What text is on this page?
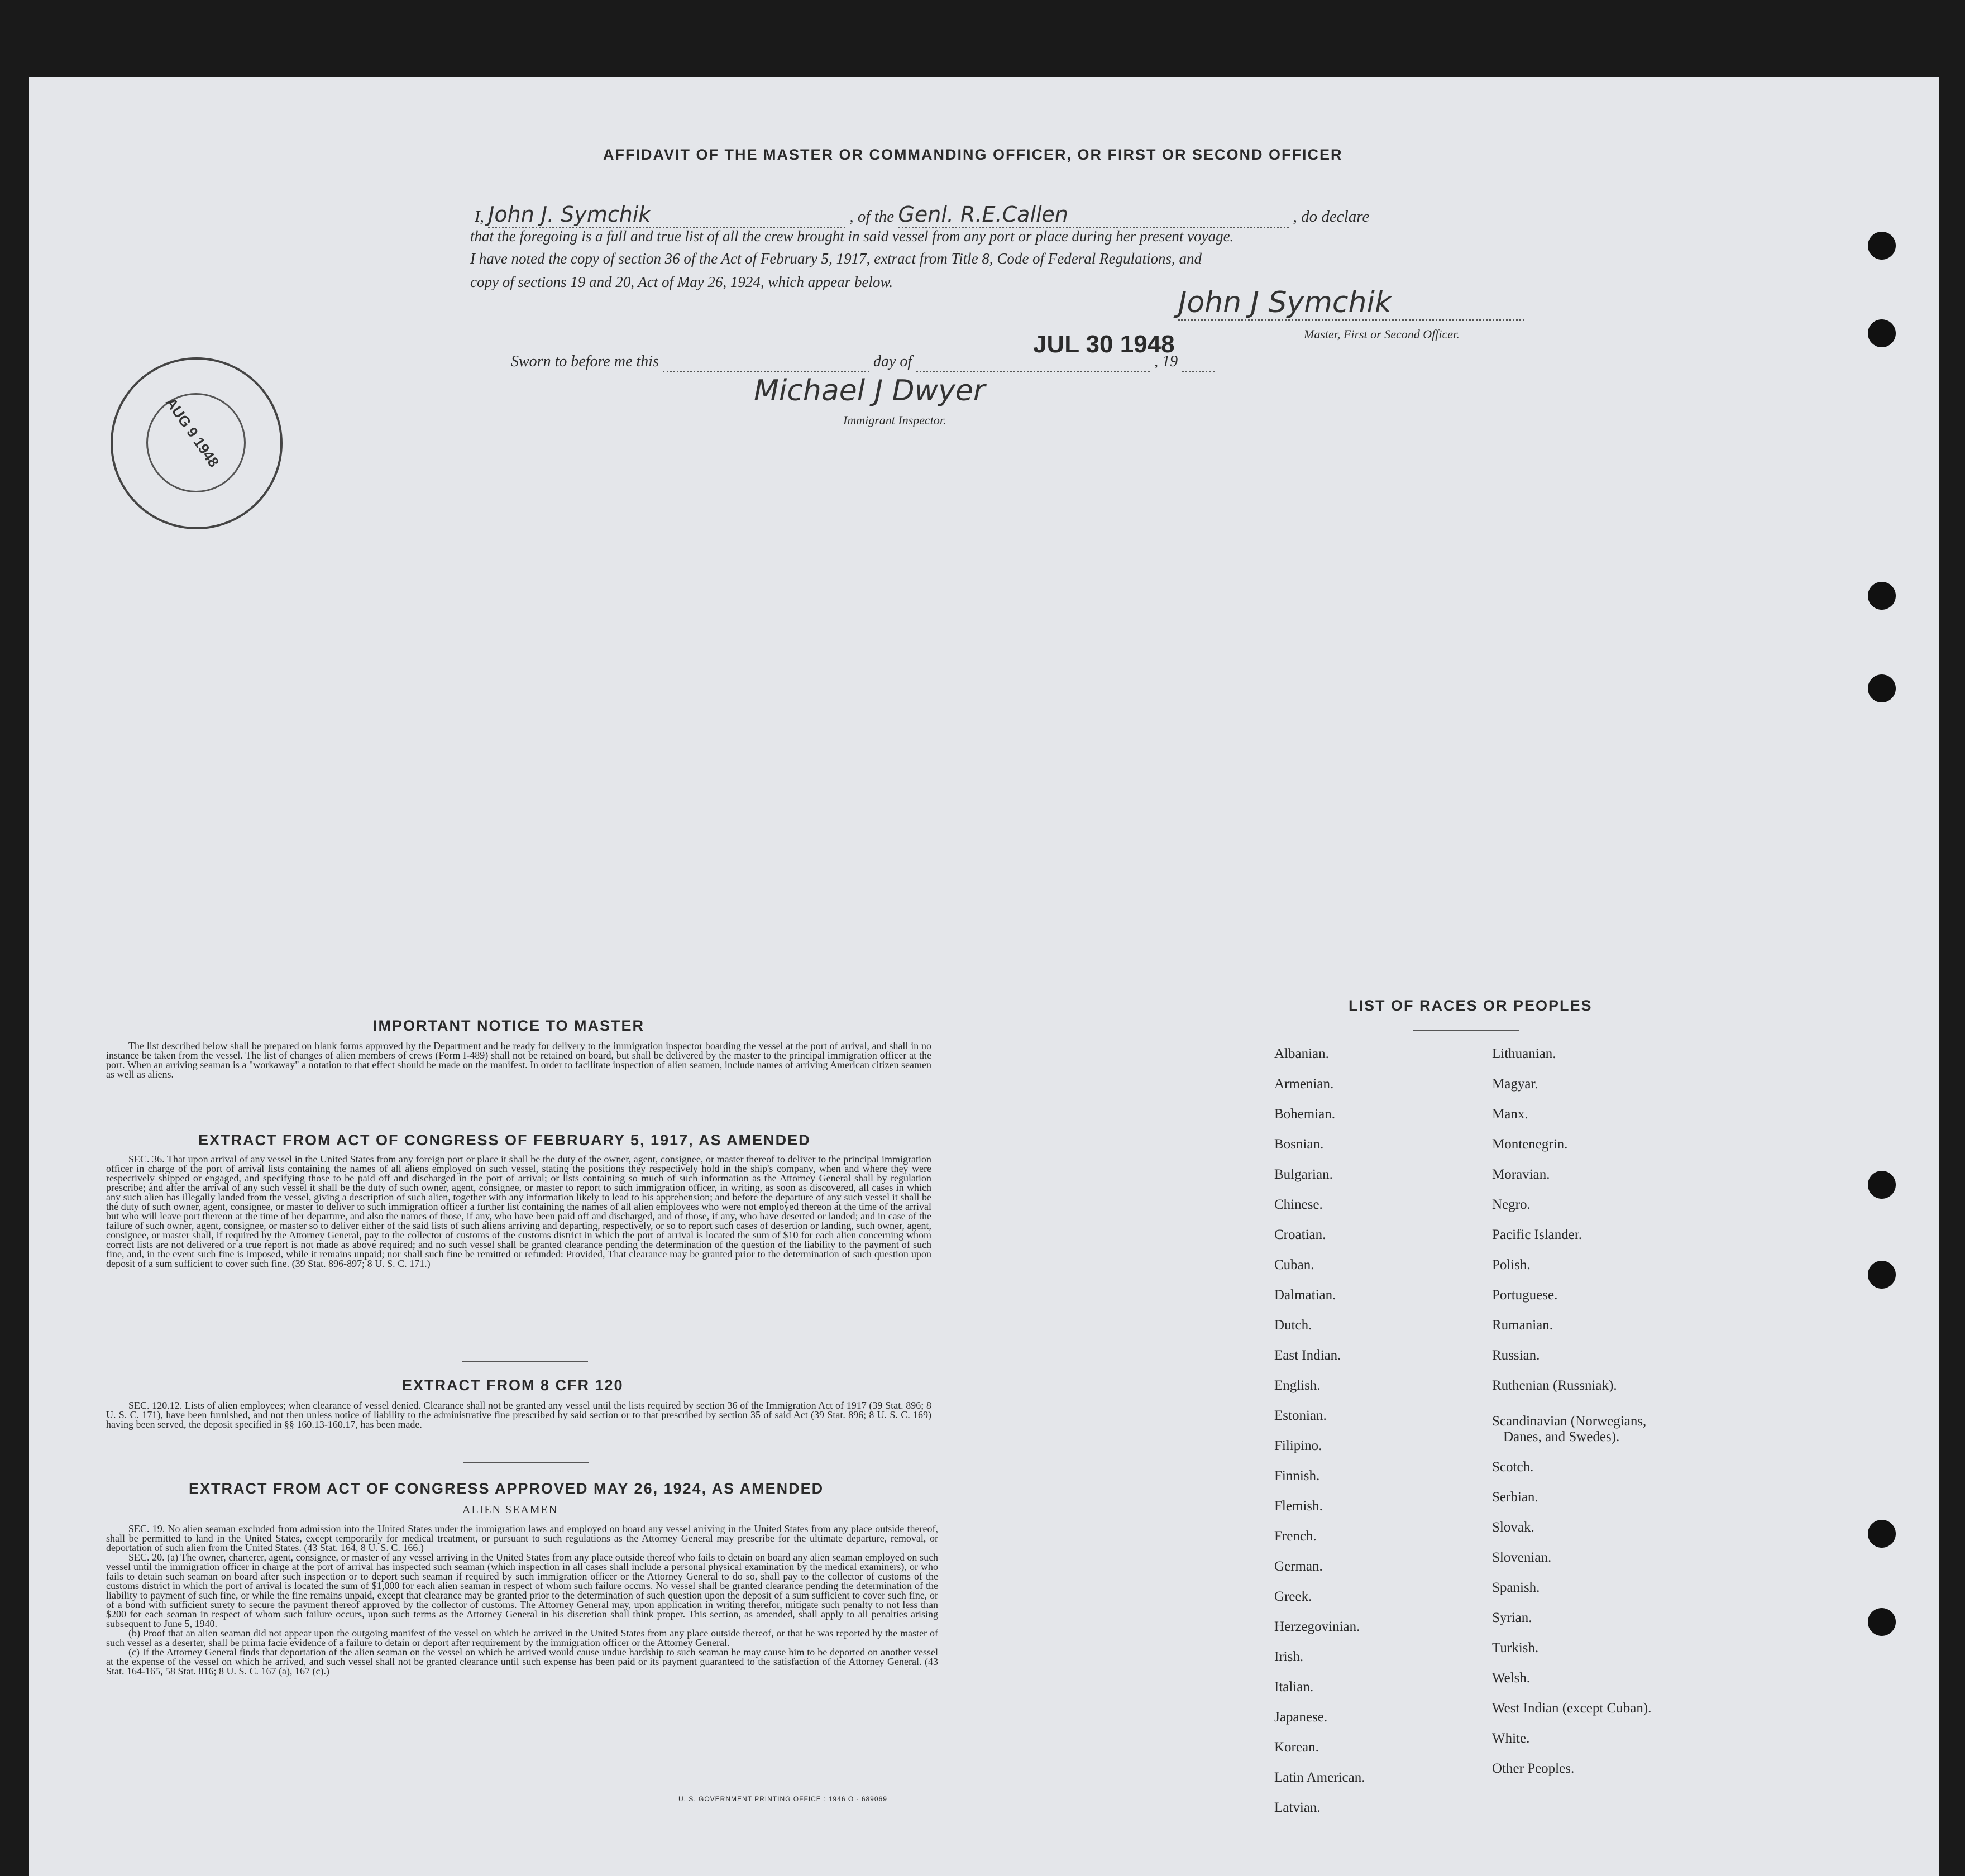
AFFIDAVIT OF THE MASTER OR COMMANDING OFFICER, OR FIRST OR SECOND OFFICER
I, John J. Symchik	, of the Genl. R.E.Callen	, do declare
that the foregoing is a full and true list of all the crew brought in said vessel from any port or place during her present voyage.
I have noted the copy of section 36 of the Act of February 5, 1917, extract from Title 8, Code of Federal Regulations, and
copy of sections 19 and 20, Act of May 26, 1924, which appear below.
John J Symchik
Master, First or Second Officer.
Sworn to before me this	day of	, 19
JUL 30 1948
Michael J Dwyer
Immigrant Inspector.
AUG 9 1948
IMPORTANT NOTICE TO MASTER

The list described below shall be prepared on blank forms approved by the Department and be ready for delivery to the immigration inspector boarding the vessel at the port of arrival, and shall in no instance be taken from the vessel. The list of changes of alien members of crews (Form I-489) shall not be retained on board, but shall be delivered by the master to the principal immigration officer at the port. When an arriving seaman is a "workaway" a notation to that effect should be made on the manifest. In order to facilitate inspection of alien seamen, include names of arriving American citizen seamen as well as aliens.

EXTRACT FROM ACT OF CONGRESS OF FEBRUARY 5, 1917, AS AMENDED

SEC. 36. That upon arrival of any vessel in the United States from any foreign port or place it shall be the duty of the owner, agent, consignee, or master thereof to deliver to the principal immigration officer in charge of the port of arrival lists containing the names of all aliens employed on such vessel, stating the positions they respectively hold in the ship's company, when and where they were respectively shipped or engaged, and specifying those to be paid off and discharged in the port of arrival; or lists containing so much of such information as the Attorney General shall by regulation prescribe; and after the arrival of any such vessel it shall be the duty of such owner, agent, consignee, or master to report to such immigration officer, in writing, as soon as discovered, all cases in which any such alien has illegally landed from the vessel, giving a description of such alien, together with any information likely to lead to his apprehension; and before the departure of any such vessel it shall be the duty of such owner, agent, consignee, or master to deliver to such immigration officer a further list containing the names of all alien employees who were not employed thereon at the time of the arrival but who will leave port thereon at the time of her departure, and also the names of those, if any, who have been paid off and discharged, and of those, if any, who have deserted or landed; and in case of the failure of such owner, agent, consignee, or master so to deliver either of the said lists of such aliens arriving and departing, respectively, or so to report such cases of desertion or landing, such owner, agent, consignee, or master shall, if required by the Attorney General, pay to the collector of customs of the customs district in which the port of arrival is located the sum of $10 for each alien concerning whom correct lists are not delivered or a true report is not made as above required; and no such vessel shall be granted clearance pending the determination of the question of the liability to the payment of such fine, and, in the event such fine is imposed, while it remains unpaid; nor shall such fine be remitted or refunded: Provided, That clearance may be granted prior to the determination of such question upon deposit of a sum sufficient to cover such fine. (39 Stat. 896-897; 8 U. S. C. 171.)

EXTRACT FROM 8 CFR 120

SEC. 120.12. Lists of alien employees; when clearance of vessel denied. Clearance shall not be granted any vessel until the lists required by section 36 of the Immigration Act of 1917 (39 Stat. 896; 8 U. S. C. 171), have been furnished, and not then unless notice of liability to the administrative fine prescribed by said section or to that prescribed by section 35 of said Act (39 Stat. 896; 8 U. S. C. 169) having been served, the deposit specified in §§ 160.13-160.17, has been made.

EXTRACT FROM ACT OF CONGRESS APPROVED MAY 26, 1924, AS AMENDED
ALIEN SEAMEN

SEC. 19. No alien seaman excluded from admission into the United States under the immigration laws and employed on board any vessel arriving in the United States from any place outside thereof, shall be permitted to land in the United States, except temporarily for medical treatment, or pursuant to such regulations as the Attorney General may prescribe for the ultimate departure, removal, or deportation of such alien from the United States. (43 Stat. 164, 8 U. S. C. 166.)

SEC. 20. (a) The owner, charterer, agent, consignee, or master of any vessel arriving in the United States from any place outside thereof who fails to detain on board any alien seaman employed on such vessel until the immigration officer in charge at the port of arrival has inspected such seaman (which inspection in all cases shall include a personal physical examination by the medical examiners), or who fails to detain such seaman on board after such inspection or to deport such seaman if required by such immigration officer or the Attorney General to do so, shall pay to the collector of customs of the customs district in which the port of arrival is located the sum of $1,000 for each alien seaman in respect of whom such failure occurs. No vessel shall be granted clearance pending the determination of the liability to payment of such fine, or while the fine remains unpaid, except that clearance may be granted prior to the determination of such question upon the deposit of a sum sufficient to cover such fine, or of a bond with sufficient surety to secure the payment thereof approved by the collector of customs. The Attorney General may, upon application in writing therefor, mitigate such penalty to not less than $200 for each seaman in respect of whom such failure occurs, upon such terms as the Attorney General in his discretion shall think proper. This section, as amended, shall apply to all penalties arising subsequent to June 5, 1940.

(b) Proof that an alien seaman did not appear upon the outgoing manifest of the vessel on which he arrived in the United States from any place outside thereof, or that he was reported by the master of such vessel as a deserter, shall be prima facie evidence of a failure to detain or deport after requirement by the immigration officer or the Attorney General.

(c) If the Attorney General finds that deportation of the alien seaman on the vessel on which he arrived would cause undue hardship to such seaman he may cause him to be deported on another vessel at the expense of the vessel on which he arrived, and such vessel shall not be granted clearance until such expense has been paid or its payment guaranteed to the satisfaction of the Attorney General. (43 Stat. 164-165, 58 Stat. 816; 8 U. S. C. 167 (a), 167 (c).)

U. S. GOVERNMENT PRINTING OFFICE : 1946 O - 689069
LIST OF RACES OR PEOPLES
Albanian.
Armenian.
Bohemian.
Bosnian.
Bulgarian.
Chinese.
Croatian.
Cuban.
Dalmatian.
Dutch.
East Indian.
English.
Estonian.
Filipino.
Finnish.
Flemish.
French.
German.
Greek.
Herzegovinian.
Irish.
Italian.
Japanese.
Korean.
Latin American.
Latvian.
Lithuanian.
Magyar.
Manx.
Montenegrin.
Moravian.
Negro.
Pacific Islander.
Polish.
Portuguese.
Rumanian.
Russian.
Ruthenian (Russniak).
Scandinavian (Norwegians,
Danes, and Swedes).
Scotch.
Serbian.
Slovak.
Slovenian.
Spanish.
Syrian.
Turkish.
Welsh.
West Indian (except Cuban).
White.
Other Peoples.
